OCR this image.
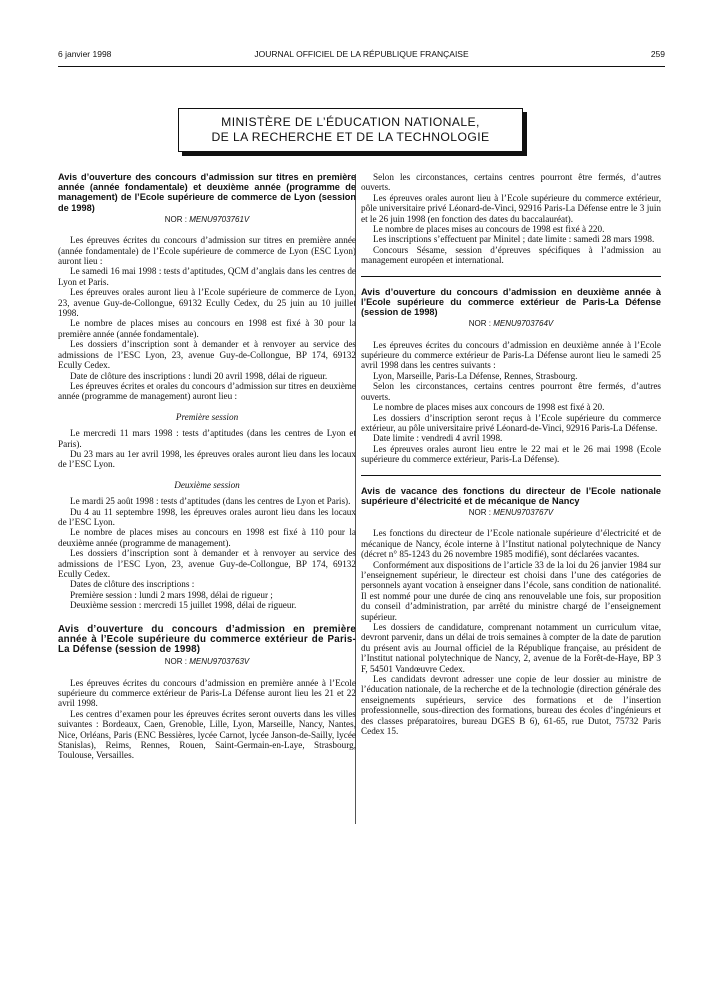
6 janvier 1998	JOURNAL OFFICIEL DE LA RÉPUBLIQUE FRANÇAISE	259
MINISTÈRE DE L’ÉDUCATION NATIONALE,
DE LA RECHERCHE ET DE LA TECHNOLOGIE
Avis d’ouverture des concours d’admission sur titres en première année (année fondamentale) et deuxième année (programme de management) de l’Ecole supérieure de commerce de Lyon (session de 1998)
NOR : MENU9703761V

Les épreuves écrites du concours d’admission sur titres en première année (année fondamentale) de l’Ecole supérieure de commerce de Lyon (ESC Lyon) auront lieu :

Le samedi 16 mai 1998 : tests d’aptitudes, QCM d’anglais dans les centres de Lyon et Paris.

Les épreuves orales auront lieu à l’Ecole supérieure de commerce de Lyon, 23, avenue Guy-de-Collongue, 69132 Ecully Cedex, du 25 juin au 10 juillet 1998.

Le nombre de places mises au concours en 1998 est fixé à 30 pour la première année (année fondamentale).

Les dossiers d’inscription sont à demander et à renvoyer au service des admissions de l’ESC Lyon, 23, avenue Guy-de-Collongue, BP 174, 69132 Ecully Cedex.

Date de clôture des inscriptions : lundi 20 avril 1998, délai de rigueur.

Les épreuves écrites et orales du concours d’admission sur titres en deuxième année (programme de management) auront lieu :

Première session

Le mercredi 11 mars 1998 : tests d’aptitudes (dans les centres de Lyon et Paris).

Du 23 mars au 1er avril 1998, les épreuves orales auront lieu dans les locaux de l’ESC Lyon.

Deuxième session

Le mardi 25 août 1998 : tests d’aptitudes (dans les centres de Lyon et Paris).

Du 4 au 11 septembre 1998, les épreuves orales auront lieu dans les locaux de l’ESC Lyon.

Le nombre de places mises au concours en 1998 est fixé à 110 pour la deuxième année (programme de management).

Les dossiers d’inscription sont à demander et à renvoyer au service des admissions de l’ESC Lyon, 23, avenue Guy-de-Collongue, BP 174, 69132 Ecully Cedex.

Dates de clôture des inscriptions :

Première session : lundi 2 mars 1998, délai de rigueur ;

Deuxième session : mercredi 15 juillet 1998, délai de rigueur.

Avis d’ouverture du concours d’admission en première année à l’Ecole supérieure du commerce extérieur de Paris-La Défense (session de 1998)
NOR : MENU9703763V

Les épreuves écrites du concours d’admission en première année à l’Ecole supérieure du commerce extérieur de Paris-La Défense auront lieu les 21 et 22 avril 1998.

Les centres d’examen pour les épreuves écrites seront ouverts dans les villes suivantes : Bordeaux, Caen, Grenoble, Lille, Lyon, Marseille, Nancy, Nantes, Nice, Orléans, Paris (ENC Bessières, lycée Carnot, lycée Janson-de-Sailly, lycée Stanislas), Reims, Rennes, Rouen, Saint-Germain-en-Laye, Strasbourg, Toulouse, Versailles.

Selon les circonstances, certains centres pourront être fermés, d’autres ouverts.

Les épreuves orales auront lieu à l’Ecole supérieure du commerce extérieur, pôle universitaire privé Léonard-de-Vinci, 92916 Paris-La Défense entre le 3 juin et le 26 juin 1998 (en fonction des dates du baccalauréat).

Le nombre de places mises au concours de 1998 est fixé à 220.

Les inscriptions s’effectuent par Minitel ; date limite : samedi 28 mars 1998.

Concours Sésame, session d’épreuves spécifiques à l’admission au management européen et international.

Avis d’ouverture du concours d’admission en deuxième année à l’Ecole supérieure du commerce extérieur de Paris-La Défense (session de 1998)
NOR : MENU9703764V

Les épreuves écrites du concours d’admission en deuxième année à l’Ecole supérieure du commerce extérieur de Paris-La Défense auront lieu le samedi 25 avril 1998 dans les centres suivants :

Lyon, Marseille, Paris-La Défense, Rennes, Strasbourg.

Selon les circonstances, certains centres pourront être fermés, d’autres ouverts.

Le nombre de places mises aux concours de 1998 est fixé à 20.

Les dossiers d’inscription seront reçus à l’Ecole supérieure du commerce extérieur, au pôle universitaire privé Léonard-de-Vinci, 92916 Paris-La Défense.

Date limite : vendredi 4 avril 1998.

Les épreuves orales auront lieu entre le 22 mai et le 26 mai 1998 (Ecole supérieure du commerce extérieur, Paris-La Défense).

Avis de vacance des fonctions du directeur de l’Ecole nationale supérieure d’électricité et de mécanique de Nancy
NOR : MENU9703767V

Les fonctions du directeur de l’Ecole nationale supérieure d’électricité et de mécanique de Nancy, école interne à l’Institut national polytechnique de Nancy (décret n° 85-1243 du 26 novembre 1985 modifié), sont déclarées vacantes.

Conformément aux dispositions de l’article 33 de la loi du 26 janvier 1984 sur l’enseignement supérieur, le directeur est choisi dans l’une des catégories de personnels ayant vocation à enseigner dans l’école, sans condition de nationalité. Il est nommé pour une durée de cinq ans renouvelable une fois, sur proposition du conseil d’administration, par arrêté du ministre chargé de l’enseignement supérieur.

Les dossiers de candidature, comprenant notamment un curriculum vitae, devront parvenir, dans un délai de trois semaines à compter de la date de parution du présent avis au Journal officiel de la République française, au président de l’Institut national polytechnique de Nancy, 2, avenue de la Forêt-de-Haye, BP 3 F, 54501 Vandœuvre Cedex.

Les candidats devront adresser une copie de leur dossier au ministre de l’éducation nationale, de la recherche et de la technologie (direction générale des enseignements supérieurs, service des formations et de l’insertion professionnelle, sous-direction des formations, bureau des écoles d’ingénieurs et des classes préparatoires, bureau DGES B 6), 61-65, rue Dutot, 75732 Paris Cedex 15.
